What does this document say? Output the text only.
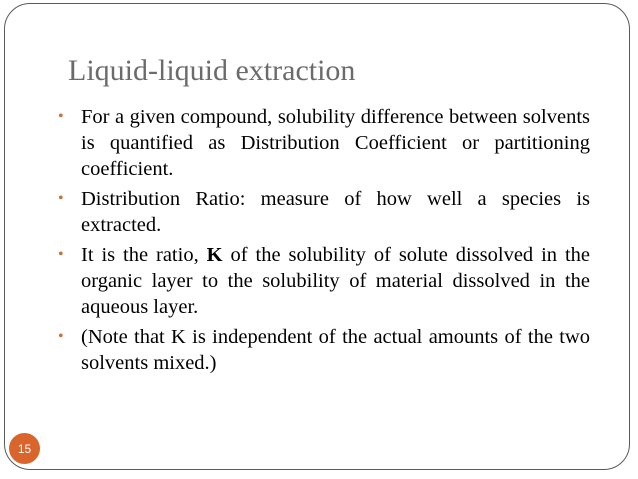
Liquid-liquid extraction
• For a given compound, solubility difference between solvents is quantified as Distribution Coefficient or partitioning coefficient.
• Distribution Ratio: measure of how well a species is extracted.
• It is the ratio, K of the solubility of solute dissolved in the organic layer to the solubility of material dissolved in the aqueous layer.
• (Note that K is independent of the actual amounts of the two solvents mixed.)
15
